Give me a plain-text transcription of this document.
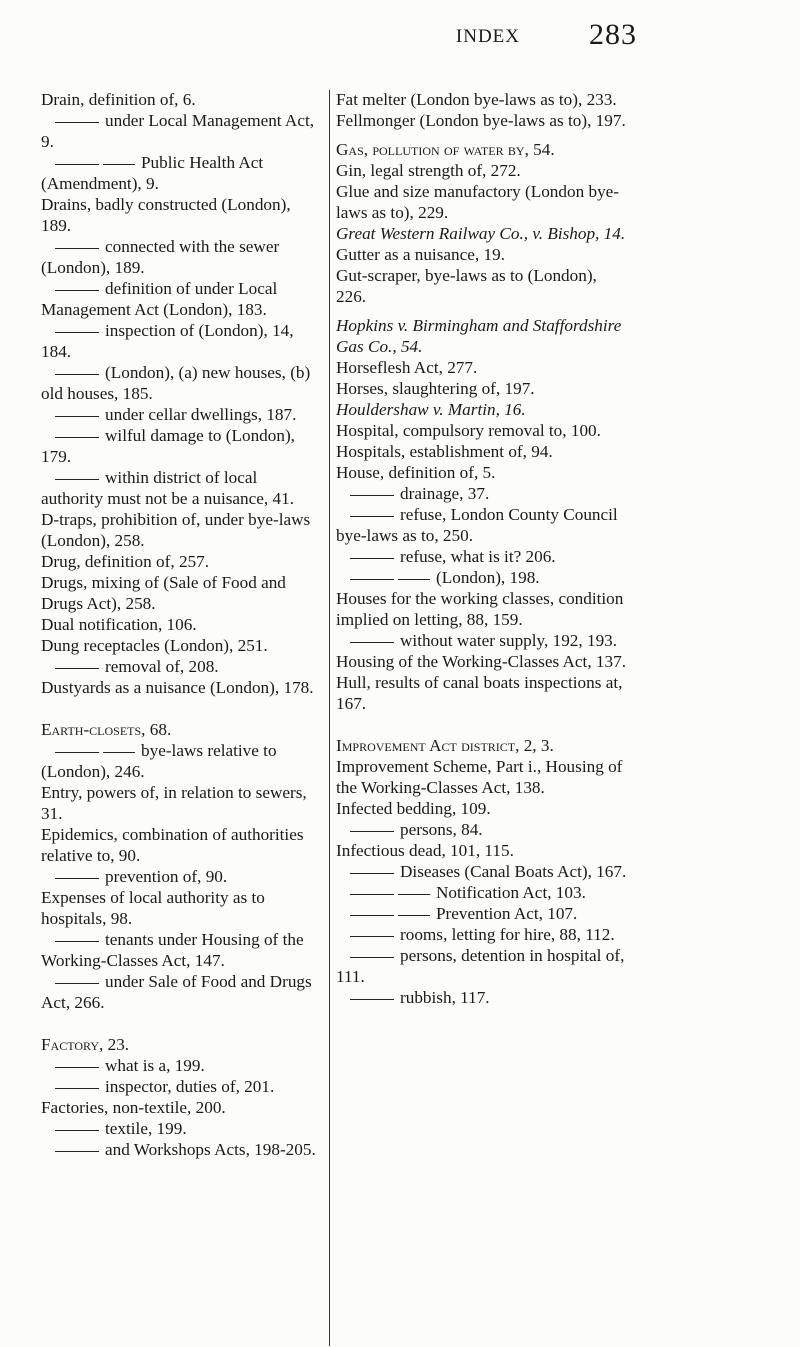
INDEX 283
Drain, definition of, 6.
under Local Management Act, 9.
Public Health Act (Amendment), 9.
Drains, badly constructed (London), 189.
connected with the sewer (London), 189.
definition of under Local Management Act (London), 183.
inspection of (London), 14, 184.
(London), (a) new houses, (b) old houses, 185.
under cellar dwellings, 187.
wilful damage to (London), 179.
within district of local authority must not be a nuisance, 41.
D-traps, prohibition of, under bye-laws (London), 258.
Drug, definition of, 257.
Drugs, mixing of (Sale of Food and Drugs Act), 258.
Dual notification, 106.
Dung receptacles (London), 251.
removal of, 208.
Dustyards as a nuisance (London), 178.
Earth-closets, 68.
bye-laws relative to (London), 246.
Entry, powers of, in relation to sewers, 31.
Epidemics, combination of authorities relative to, 90.
prevention of, 90.
Expenses of local authority as to hospitals, 98.
tenants under Housing of the Working-Classes Act, 147.
under Sale of Food and Drugs Act, 266.
Factory, 23.
what is a, 199.
inspector, duties of, 201.
Factories, non-textile, 200.
textile, 199.
and Workshops Acts, 198-205.
Fat melter (London bye-laws as to), 233.
Fellmonger (London bye-laws as to), 197.
Gas, pollution of water by, 54.
Gin, legal strength of, 272.
Glue and size manufactory (London bye-laws as to), 229.
Great Western Railway Co., v. Bishop, 14.
Gutter as a nuisance, 19.
Gut-scraper, bye-laws as to (London), 226.
Hopkins v. Birmingham and Staffordshire Gas Co., 54.
Horseflesh Act, 277.
Horses, slaughtering of, 197.
Houldershaw v. Martin, 16.
Hospital, compulsory removal to, 100.
Hospitals, establishment of, 94.
House, definition of, 5.
drainage, 37.
refuse, London County Council bye-laws as to, 250.
refuse, what is it? 206.
(London), 198.
Houses for the working classes, condition implied on letting, 88, 159.
without water supply, 192, 193.
Housing of the Working-Classes Act, 137.
Hull, results of canal boats inspections at, 167.
Improvement Act district, 2, 3.
Improvement Scheme, Part i., Housing of the Working-Classes Act, 138.
Infected bedding, 109.
persons, 84.
Infectious dead, 101, 115.
Diseases (Canal Boats Act), 167.
Notification Act, 103.
Prevention Act, 107.
rooms, letting for hire, 88, 112.
persons, detention in hospital of, 111.
rubbish, 117.
